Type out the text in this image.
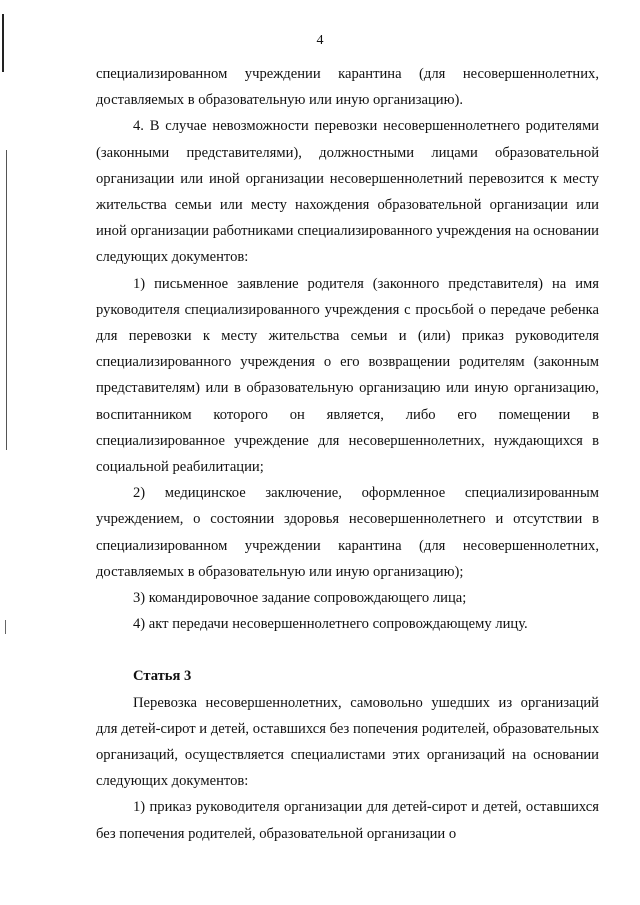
4

специализированном учреждении карантина (для несовершеннолетних, доставляемых в образовательную или иную организацию).

4. В случае невозможности перевозки несовершеннолетнего родителями (законными представителями), должностными лицами образовательной организации или иной организации несовершеннолетний перевозится к месту жительства семьи или месту нахождения образовательной организации или иной организации работниками специализированного учреждения на основании следующих документов:

1) письменное заявление родителя (законного представителя) на имя руководителя специализированного учреждения с просьбой о передаче ребенка для перевозки к месту жительства семьи и (или) приказ руководителя специализированного учреждения о его возвращении родителям (законным представителям) или в образовательную организацию или иную организацию, воспитанником которого он является, либо его помещении в специализированное учреждение для несовершеннолетних, нуждающихся в социальной реабилитации;

2) медицинское заключение, оформленное специализированным учреждением, о состоянии здоровья несовершеннолетнего и отсутствии в специализированном учреждении карантина (для несовершеннолетних, доставляемых в образовательную или иную организацию);

3) командировочное задание сопровождающего лица;

4) акт передачи несовершеннолетнего сопровождающему лицу.

Статья 3

Перевозка несовершеннолетних, самовольно ушедших из организаций для детей-сирот и детей, оставшихся без попечения родителей, образовательных организаций, осуществляется специалистами этих организаций на основании следующих документов:

1) приказ руководителя организации для детей-сирот и детей, оставшихся без попечения родителей, образовательной организации о
